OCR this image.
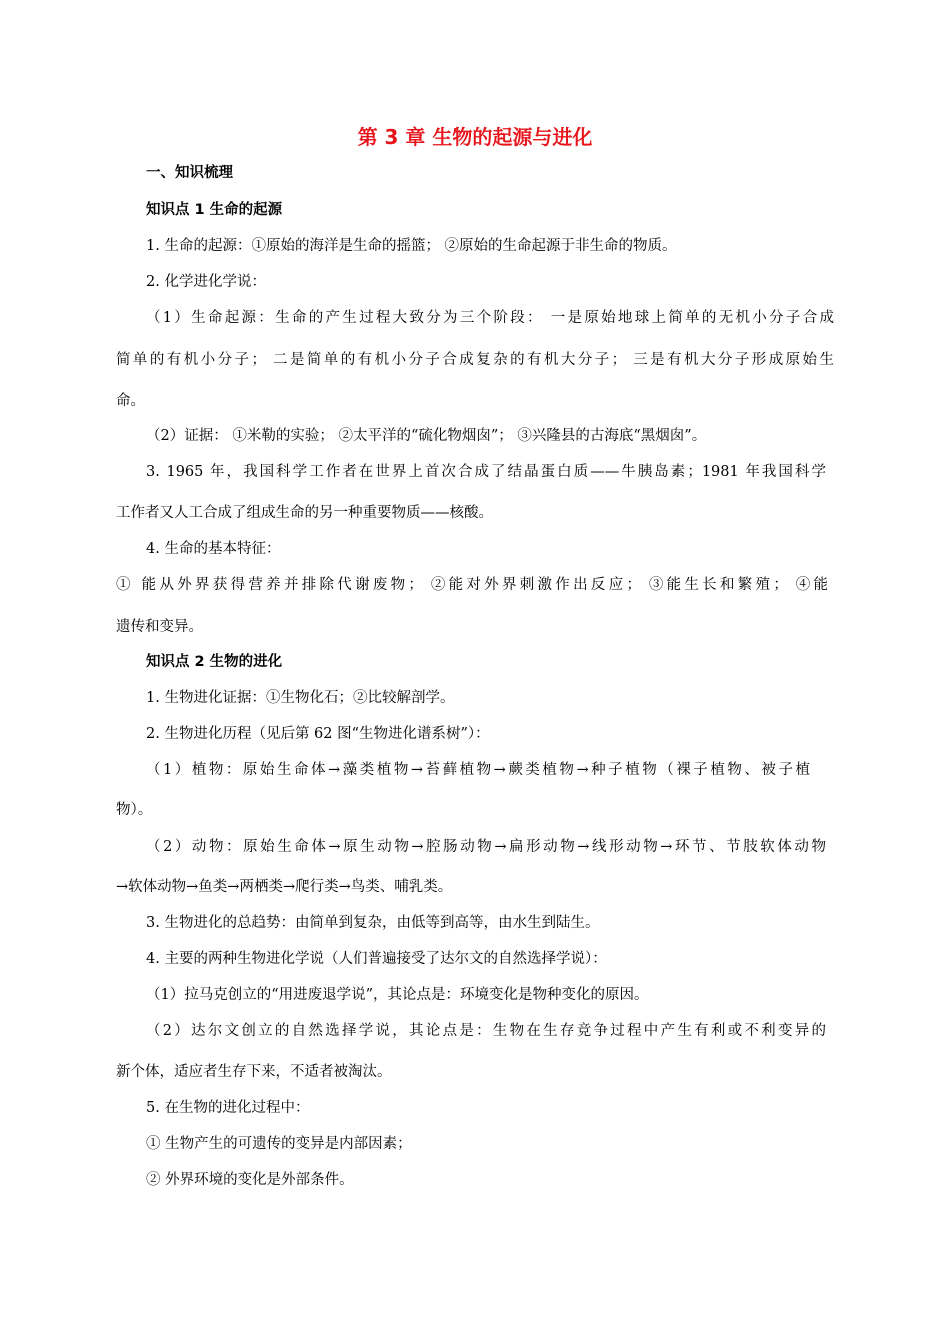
第 3 章 生物的起源与进化
一、知识梳理
知识点 1 生命的起源
1. 生命的起源：①原始的海洋是生命的摇篮； ②原始的生命起源于非生命的物质。
2. 化学进化学说：
（1）生命起源：生命的产生过程大致分为三个阶段： 一是原始地球上简单的无机小分子合成
简单的有机小分子； 二是简单的有机小分子合成复杂的有机大分子； 三是有机大分子形成原始生
命。
（2）证据： ①米勒的实验； ②太平洋的“硫化物烟囱”； ③兴隆县的古海底“黑烟囱”。
3. 1965 年，我国科学工作者在世界上首次合成了结晶蛋白质——牛胰岛素；1981 年我国科学
工作者又人工合成了组成生命的另一种重要物质——核酸。
4. 生命的基本特征：
① 能从外界获得营养并排除代谢废物； ②能对外界刺激作出反应； ③能生长和繁殖； ④能
遗传和变异。
知识点 2 生物的进化
1. 生物进化证据：①生物化石；②比较解剖学。
2. 生物进化历程（见后第 62 图“生物进化谱系树”）：
（1）植物：原始生命体→藻类植物→苔藓植物→蕨类植物→种子植物（裸子植物、被子植
物）。
（2）动物：原始生命体→原生动物→腔肠动物→扁形动物→线形动物→环节、节肢软体动物
→软体动物→鱼类→两栖类→爬行类→鸟类、哺乳类。
3. 生物进化的总趋势：由简单到复杂，由低等到高等，由水生到陆生。
4. 主要的两种生物进化学说（人们普遍接受了达尔文的自然选择学说）：
（1）拉马克创立的“用进废退学说”，其论点是：环境变化是物种变化的原因。
（2）达尔文创立的自然选择学说，其论点是：生物在生存竞争过程中产生有利或不利变异的
新个体，适应者生存下来，不适者被淘汰。
5. 在生物的进化过程中：
① 生物产生的可遗传的变异是内部因素；
② 外界环境的变化是外部条件。
